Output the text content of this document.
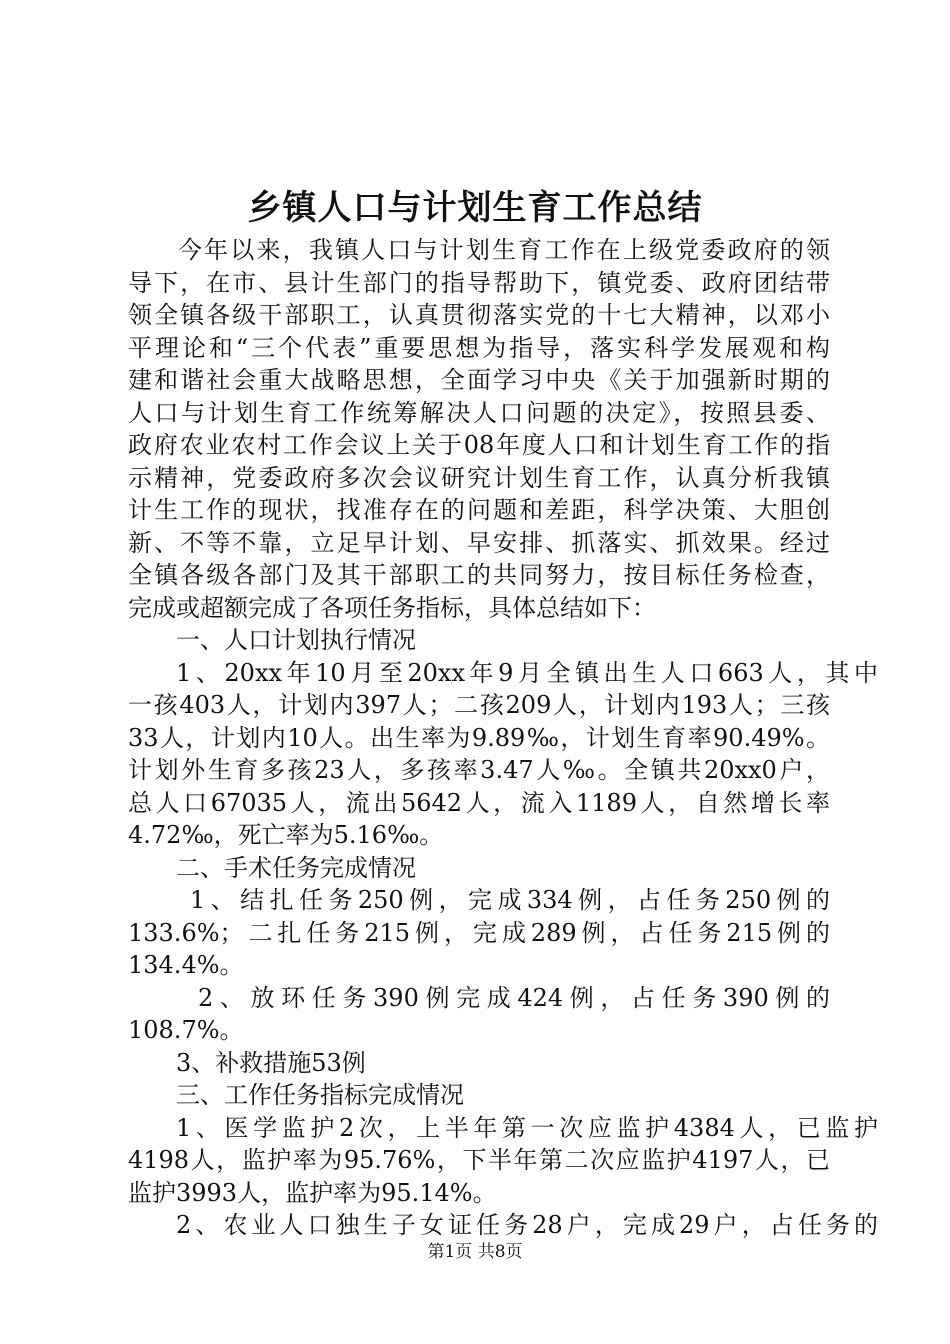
乡镇人口与计划生育工作总结
今年以来，我镇人口与计划生育工作在上级党委政府的领
导下，在市、县计生部门的指导帮助下，镇党委、政府团结带
领全镇各级干部职工，认真贯彻落实党的十七大精神，以邓小
平理论和“三个代表”重要思想为指导，落实科学发展观和构
建和谐社会重大战略思想，全面学习中央《关于加强新时期的
人口与计划生育工作统筹解决人口问题的决定》，按照县委、
政府农业农村工作会议上关于08年度人口和计划生育工作的指
示精神，党委政府多次会议研究计划生育工作，认真分析我镇
计生工作的现状，找准存在的问题和差距，科学决策、大胆创
新、不等不靠，立足早计划、早安排、抓落实、抓效果。经过
全镇各级各部门及其干部职工的共同努力，按目标任务检查，
完成或超额完成了各项任务指标，具体总结如下：
一、人口计划执行情况
1、20xx年10月至20xx年9月全镇出生人口663人，其中
一孩403人，计划内397人；二孩209人，计划内193人；三孩
33人，计划内10人。出生率为9.89‰，计划生育率90.49%。
计划外生育多孩23人，多孩率3.47人‰。全镇共20xx0户，
总人口67035人，流出5642人，流入1189人，自然增长率
4.72‰，死亡率为5.16‰。
二、手术任务完成情况
1、结扎任务250例，完成334例，占任务250例的
133.6%；二扎任务215例，完成289例，占任务215例的
134.4%。
2、放环任务390例完成424例，占任务390例的
108.7%。
3、补救措施53例
三、工作任务指标完成情况
1、医学监护2次，上半年第一次应监护4384人，已监护
4198人，监护率为95.76%，下半年第二次应监护4197人，已
监护3993人，监护率为95.14%。
2、农业人口独生子女证任务28户，完成29户，占任务的
第1页 共8页
